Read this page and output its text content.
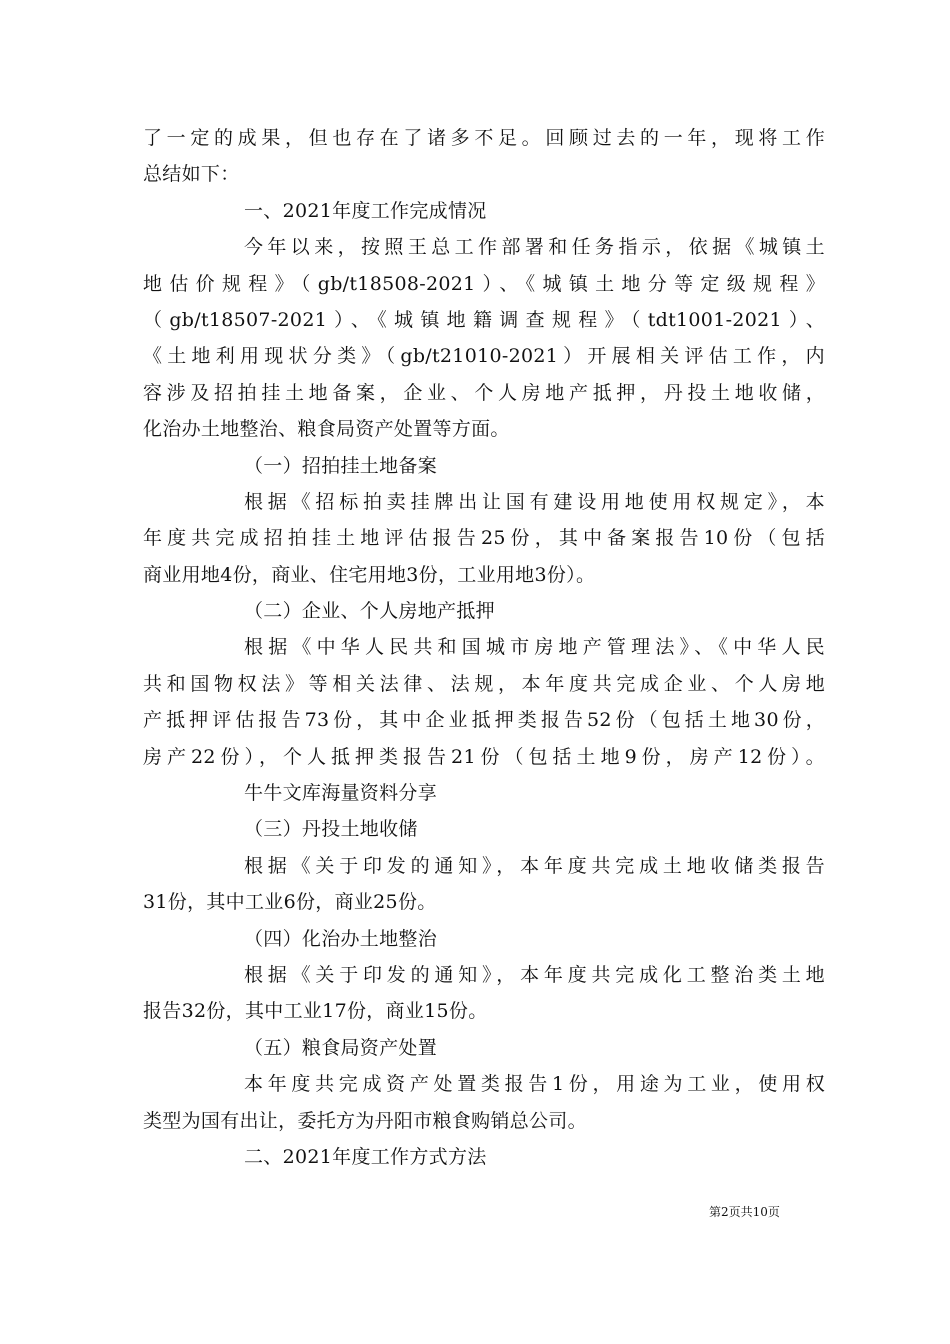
了一定的成果，但也存在了诸多不足。回顾过去的一年，现将工作
总结如下：
一、2021年度工作完成情况
今年以来，按照王总工作部署和任务指示，依据《城镇土
地估价规程》（gb/t18508-2021）、《城镇土地分等定级规程》
（gb/t18507-2021）、《城镇地籍调查规程》（tdt1001-2021）、
《土地利用现状分类》（gb/t21010-2021）开展相关评估工作，内
容涉及招拍挂土地备案，企业、个人房地产抵押，丹投土地收储，
化治办土地整治、粮食局资产处置等方面。
（一）招拍挂土地备案
根据《招标拍卖挂牌出让国有建设用地使用权规定》，本
年度共完成招拍挂土地评估报告25份，其中备案报告10份（包括
商业用地4份，商业、住宅用地3份，工业用地3份）。
（二）企业、个人房地产抵押
根据《中华人民共和国城市房地产管理法》、《中华人民
共和国物权法》等相关法律、法规，本年度共完成企业、个人房地
产抵押评估报告73份，其中企业抵押类报告52份（包括土地30份，
房产22份），个人抵押类报告21份（包括土地9份，房产12份）。
牛牛文库海量资料分享
（三）丹投土地收储
根据《关于印发的通知》，本年度共完成土地收储类报告
31份，其中工业6份，商业25份。
（四）化治办土地整治
根据《关于印发的通知》，本年度共完成化工整治类土地
报告32份，其中工业17份，商业15份。
（五）粮食局资产处置
本年度共完成资产处置类报告1份，用途为工业，使用权
类型为国有出让，委托方为丹阳市粮食购销总公司。
二、2021年度工作方式方法
第2页共10页
